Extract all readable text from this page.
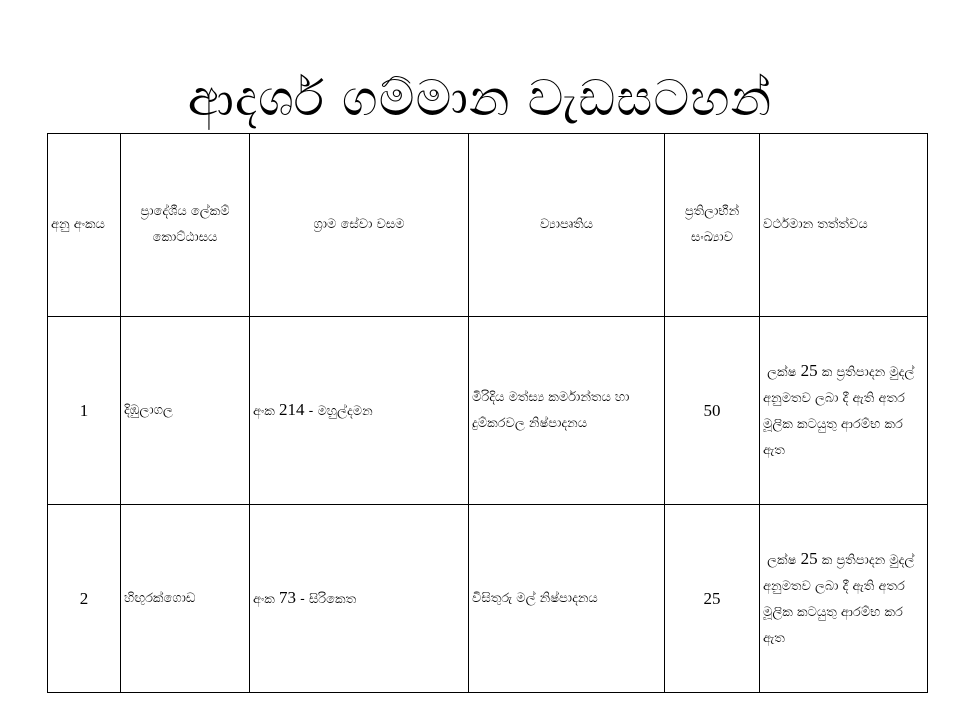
ආදර්ශ ගම්මාන වැඩසටහන්
අනු අංකය	ප්‍රාදේශීය ලේකම් කොට්ඨාසය	ග්‍රාම සේවා වසම	ව්‍යාපෘතිය	ප්‍රතිලාභීන් සංඛ්‍යාව	වර්ථමාන තත්ත්වය
1	දිඹුලාගල	අංක 214 - මහුල්දමන	මිරිදිය මත්ස්‍ය කර්මාන්තය හා දුම්කරවල නිෂ්පාදනය	50	ලක්ෂ 25 ක ප්‍රතිපාදන මුදල් අනුමතව ලබා දී ඇති අතර මූලික කටයුතු ආරම්භ කර ඇත
2	හිඟුරක්ගොඩ	අංක 73 - සිරිකෙත	විසිතුරු මල් නිෂ්පාදනය	25	ලක්ෂ 25 ක ප්‍රතිපාදන මුදල් අනුමතව ලබා දී ඇති අතර මූලික කටයුතු ආරම්භ කර ඇත
